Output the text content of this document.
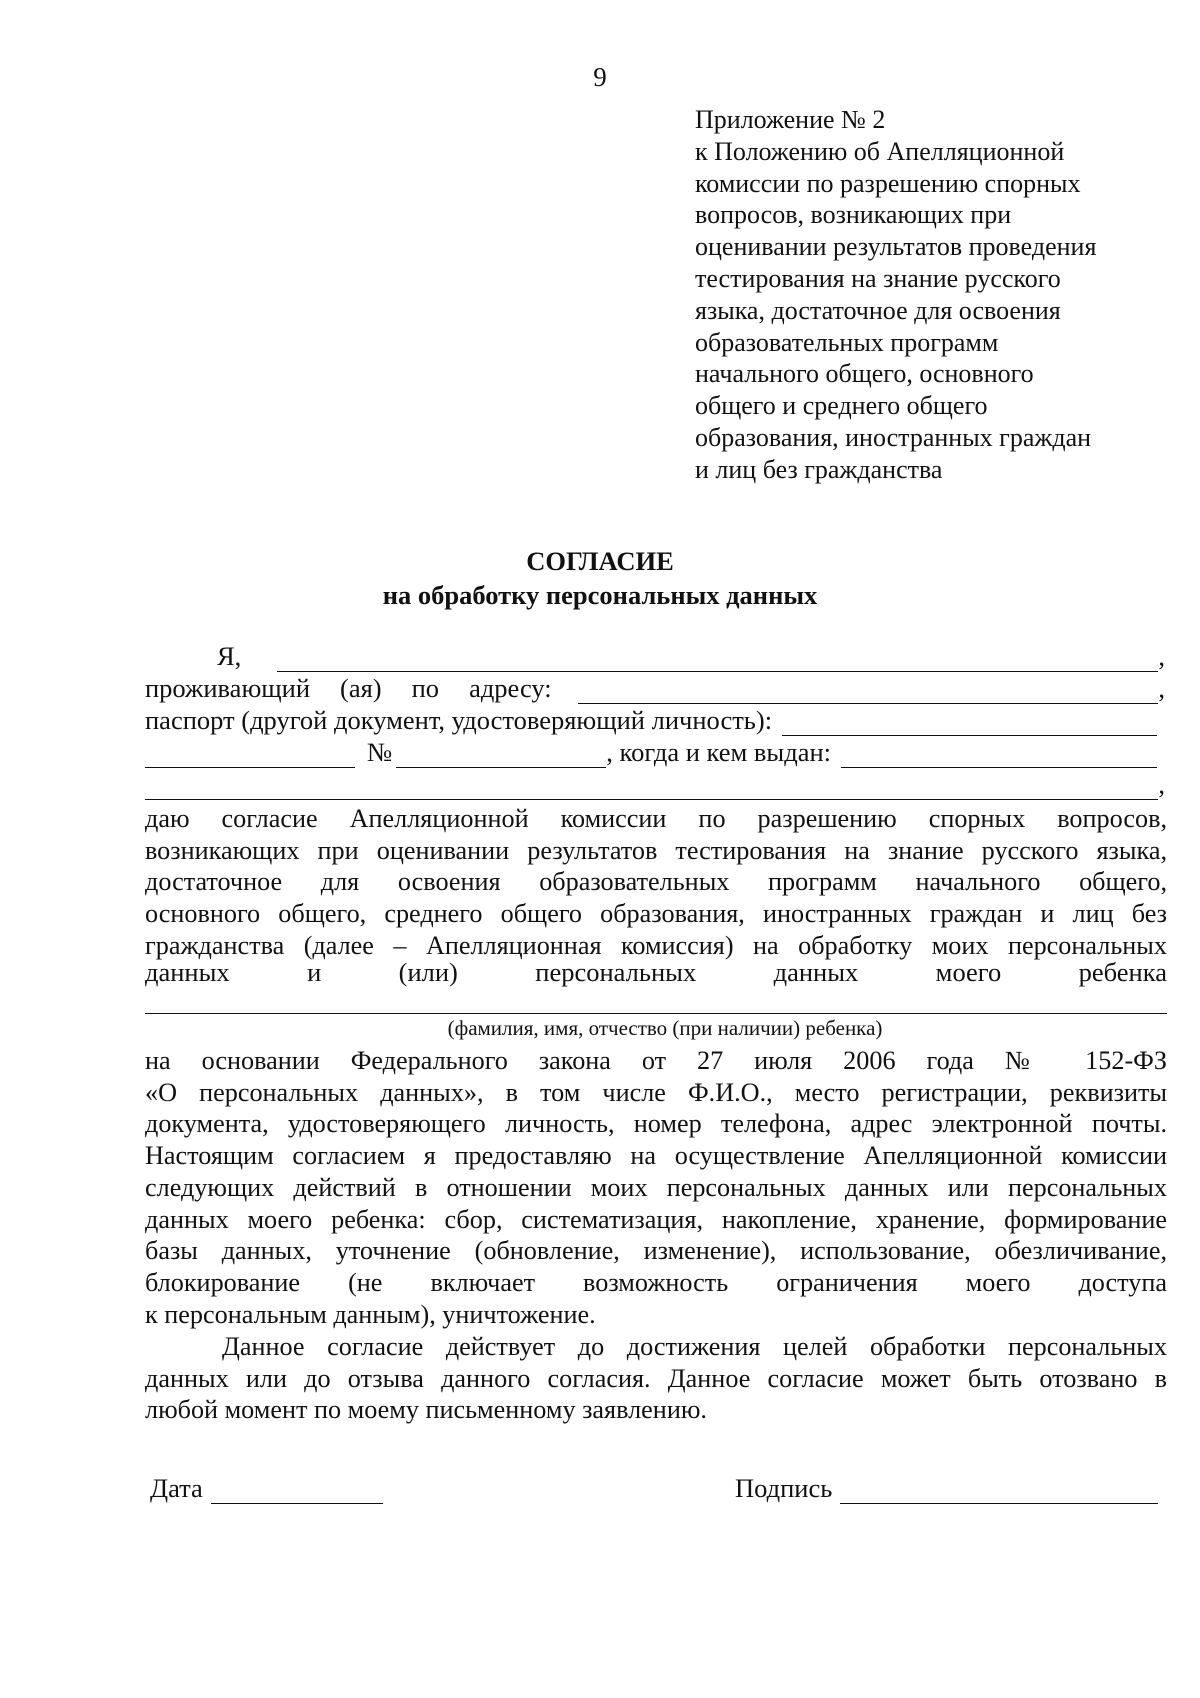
9
Приложение № 2
к Положению об Апелляционной
комиссии по разрешению спорных
вопросов, возникающих при
оценивании результатов проведения
тестирования на знание русского
языка, достаточное для освоения
образовательных программ
начального общего, основного
общего и среднего общего
образования, иностранных граждан
и лиц без гражданства
СОГЛАСИЕ
на обработку персональных данных
Я,	,
проживающий (ая) по адресу:	,
паспорт (другой документ, удостоверяющий личность):
№	, когда и кем выдан:
,
даю согласие Апелляционной комиссии по разрешению спорных вопросов,
возникающих при оценивании результатов тестирования на знание русского языка,
достаточное для освоения образовательных программ начального общего,
основного общего, среднего общего образования, иностранных граждан и лиц без
гражданства (далее – Апелляционная комиссия) на обработку моих персональных
данных	и	(или)	персональных	данных	моего	ребенка
(фамилия, имя, отчество (при наличии) ребенка)
на основании Федерального закона от 27 июля 2006 года № 152-ФЗ
«О персональных данных», в том числе Ф.И.О., место регистрации, реквизиты
документа, удостоверяющего личность, номер телефона, адрес электронной почты.
Настоящим согласием я предоставляю на осуществление Апелляционной комиссии
следующих действий в отношении моих персональных данных или персональных
данных моего ребенка: сбор, систематизация, накопление, хранение, формирование
базы данных, уточнение (обновление, изменение), использование, обезличивание,
блокирование (не включает возможность ограничения моего доступа
к персональным данным), уничтожение.
Данное согласие действует до достижения целей обработки персональных
данных или до отзыва данного согласия. Данное согласие может быть отозвано в
любой момент по моему письменному заявлению.
Дата	Подпись
